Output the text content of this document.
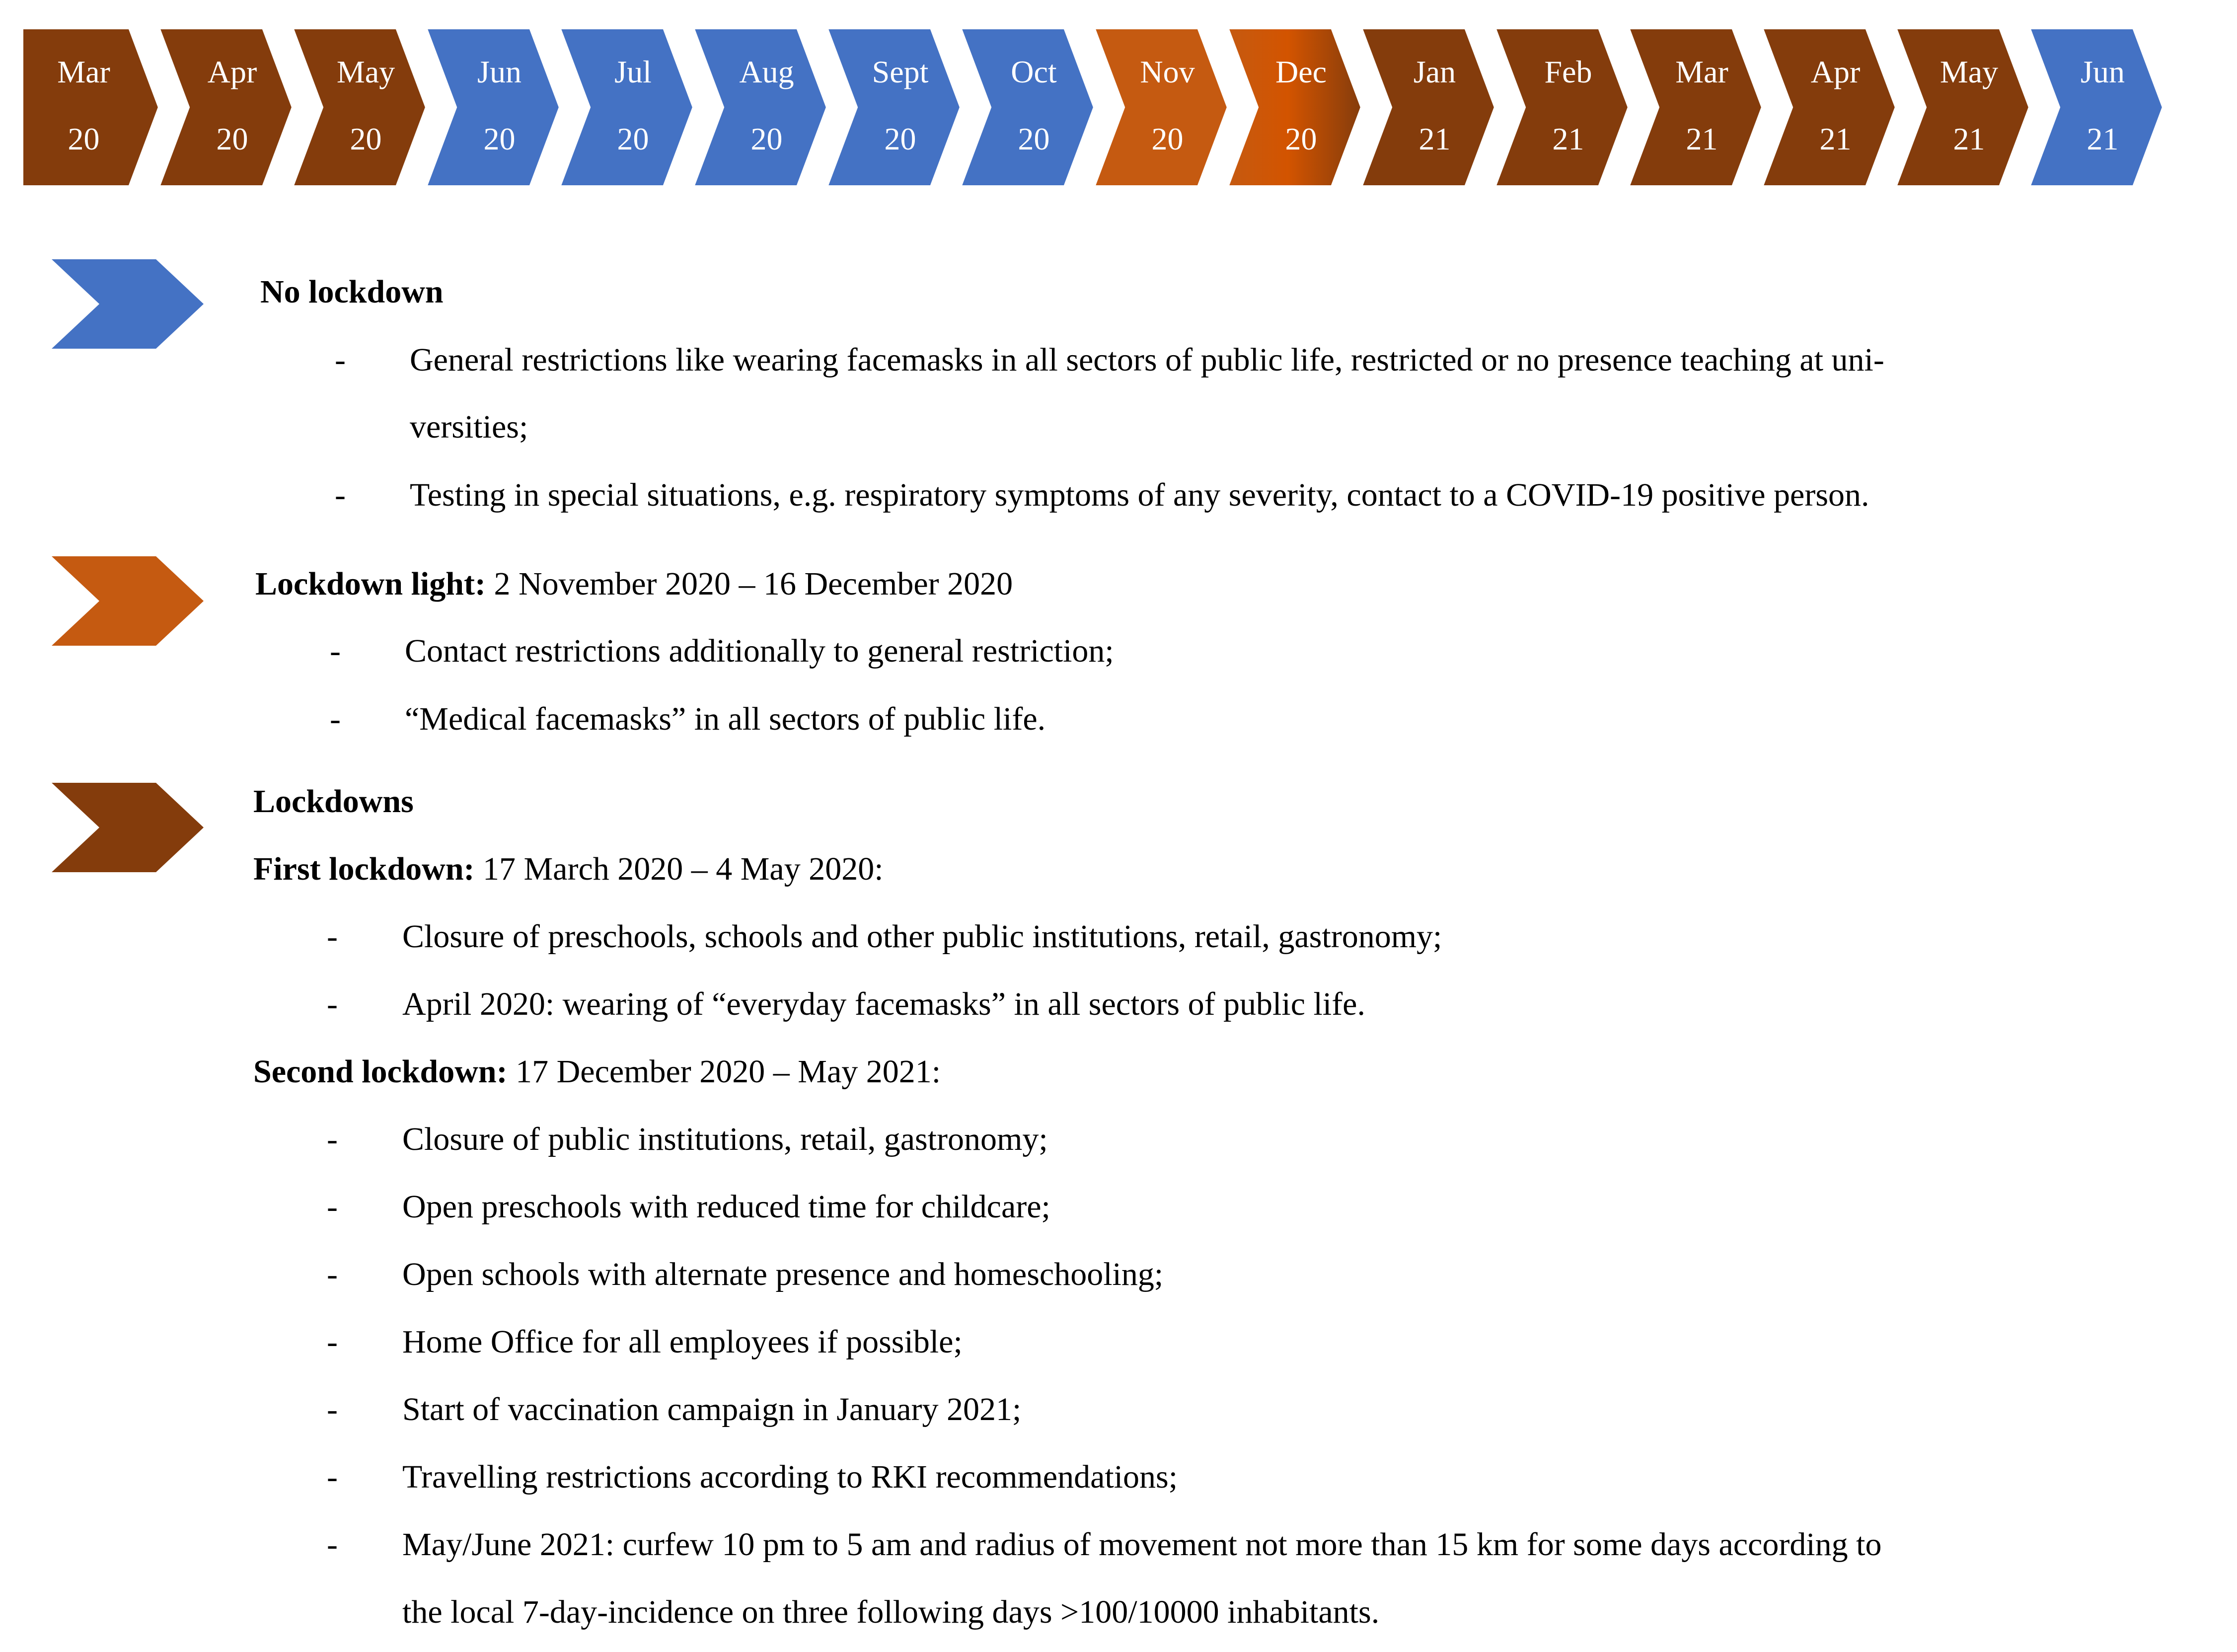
Mar
20
Apr
20
May
20
Jun
20
Jul
20
Aug
20
Sept
20
Oct
20
Nov
20
Dec
20
Jan
21
Feb
21
Mar
21
Apr
21
May
21
Jun
21
No lockdown
- General restrictions like wearing facemasks in all sectors of public life, restricted or no presence teaching at uni-
versities;
- Testing in special situations, e.g. respiratory symptoms of any severity, contact to a COVID-19 positive person.
Lockdown light: 2 November 2020 – 16 December 2020
- Contact restrictions additionally to general restriction;
- “Medical facemasks” in all sectors of public life.
Lockdowns
First lockdown: 17 March 2020 – 4 May 2020:
- Closure of preschools, schools and other public institutions, retail, gastronomy;
- April 2020: wearing of “everyday facemasks” in all sectors of public life.
Second lockdown: 17 December 2020 – May 2021:
- Closure of public institutions, retail, gastronomy;
- Open preschools with reduced time for childcare;
- Open schools with alternate presence and homeschooling;
- Home Office for all employees if possible;
- Start of vaccination campaign in January 2021;
- Travelling restrictions according to RKI recommendations;
- May/June 2021: curfew 10 pm to 5 am and radius of movement not more than 15 km for some days according to
the local 7-day-incidence on three following days >100/10000 inhabitants.
